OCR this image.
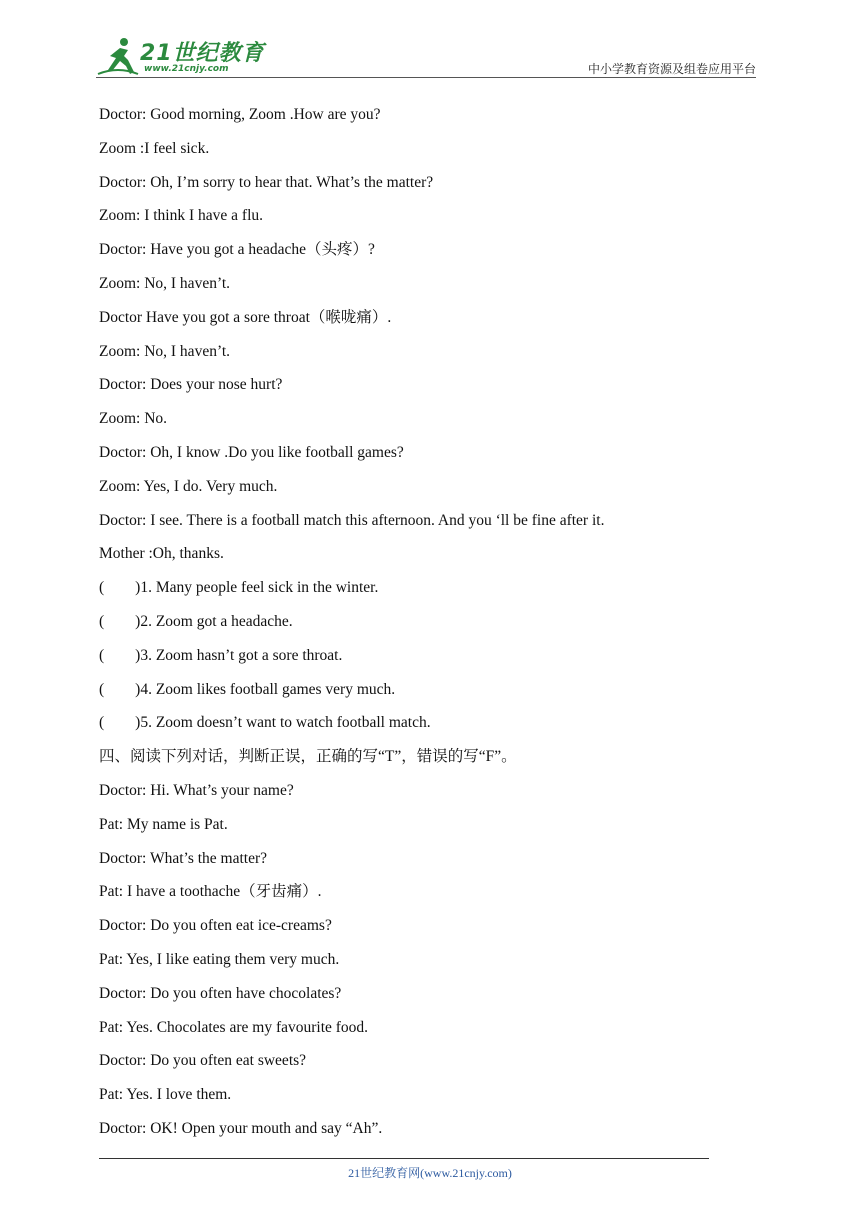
21世纪教育
www.21cnjy.com	中小学教育资源及组卷应用平台
Doctor: Good morning, Zoom .How are you?
Zoom :I feel sick.
Doctor: Oh, I’m sorry to hear that. What’s the matter?
Zoom: I think I have a flu.
Doctor: Have you got a headache（头疼）?
Zoom: No, I haven’t.
Doctor Have you got a sore throat（喉咙痛）.
Zoom: No, I haven’t.
Doctor: Does your nose hurt?
Zoom: No.
Doctor: Oh, I know .Do you like football games?
Zoom: Yes, I do. Very much.
Doctor: I see. There is a football match this afternoon. And you ‘ll be fine after it.
Mother :Oh, thanks.
(        )1. Many people feel sick in the winter.
(        )2. Zoom got a headache.
(        )3. Zoom hasn’t got a sore throat.
(        )4. Zoom likes football games very much.
(        )5. Zoom doesn’t want to watch football match.
四、阅读下列对话，判断正误，正确的写“T”，错误的写“F”。
Doctor: Hi. What’s your name?
Pat: My name is Pat.
Doctor: What’s the matter?
Pat: I have a toothache（牙齿痛）.
Doctor: Do you often eat ice-creams?
Pat: Yes, I like eating them very much.
Doctor: Do you often have chocolates?
Pat: Yes. Chocolates are my favourite food.
Doctor: Do you often eat sweets?
Pat: Yes. I love them.
Doctor: OK! Open your mouth and say “Ah”.
21世纪教育网(www.21cnjy.com)
